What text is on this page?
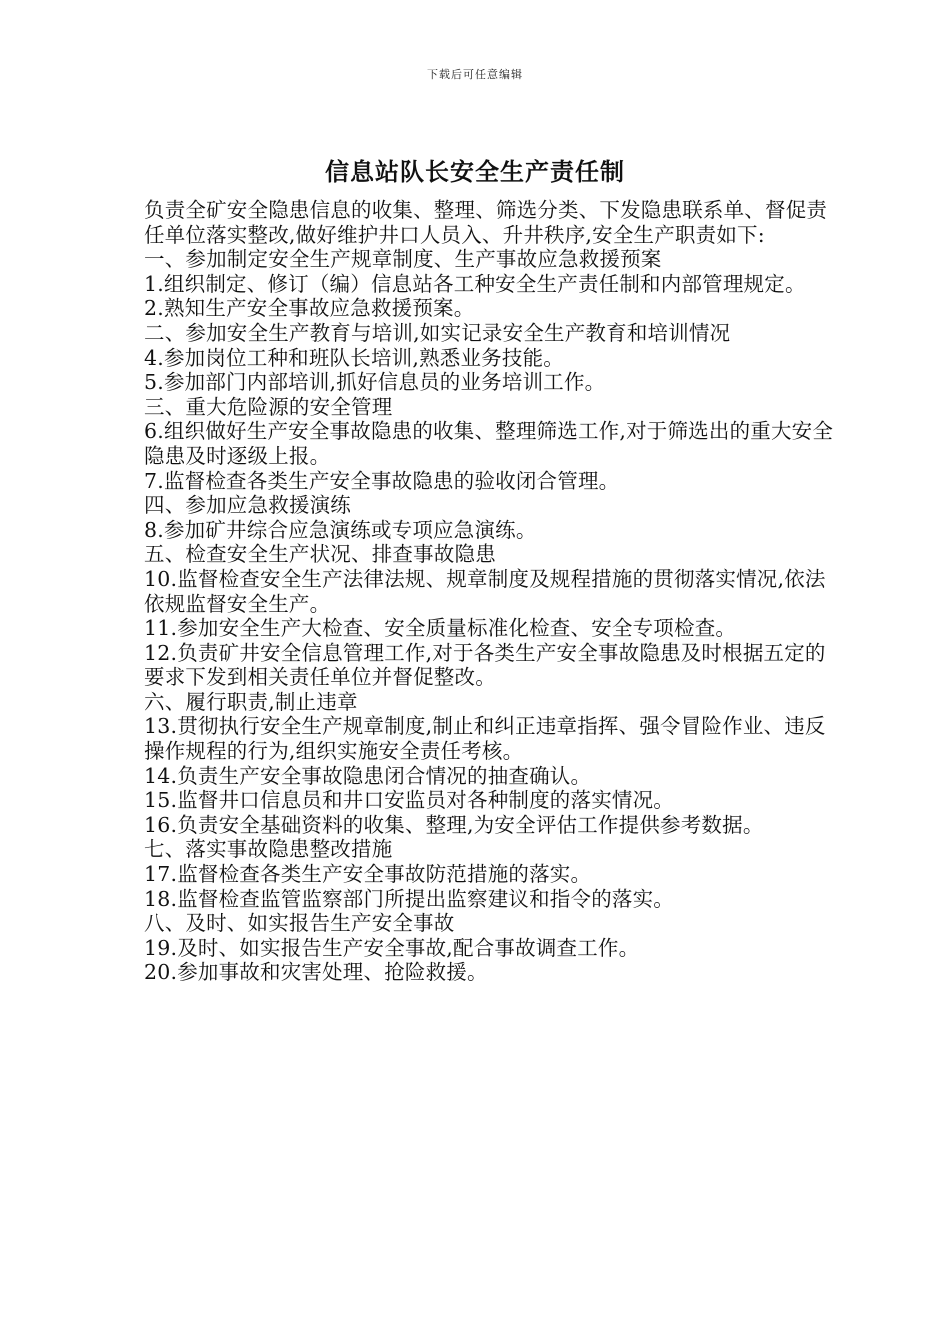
下载后可任意编辑
信息站队长安全生产责任制

负责全矿安全隐患信息的收集、整理、筛选分类、下发隐患联系单、督促责任单位落实整改,做好维护井口人员入、升井秩序,安全生产职责如下:

一、参加制定安全生产规章制度、生产事故应急救援预案

1.组织制定、修订（编）信息站各工种安全生产责任制和内部管理规定。

2.熟知生产安全事故应急救援预案。

二、参加安全生产教育与培训,如实记录安全生产教育和培训情况

4.参加岗位工种和班队长培训,熟悉业务技能。

5.参加部门内部培训,抓好信息员的业务培训工作。

三、重大危险源的安全管理

6.组织做好生产安全事故隐患的收集、整理筛选工作,对于筛选出的重大安全隐患及时逐级上报。

7.监督检查各类生产安全事故隐患的验收闭合管理。

四、参加应急救援演练

8.参加矿井综合应急演练或专项应急演练。

五、检查安全生产状况、排查事故隐患

10.监督检查安全生产法律法规、规章制度及规程措施的贯彻落实情况,依法依规监督安全生产。

11.参加安全生产大检查、安全质量标准化检查、安全专项检查。

12.负责矿井安全信息管理工作,对于各类生产安全事故隐患及时根据五定的要求下发到相关责任单位并督促整改。

六、履行职责,制止违章

13.贯彻执行安全生产规章制度,制止和纠正违章指挥、强令冒险作业、违反操作规程的行为,组织实施安全责任考核。

14.负责生产安全事故隐患闭合情况的抽查确认。

15.监督井口信息员和井口安监员对各种制度的落实情况。

16.负责安全基础资料的收集、整理,为安全评估工作提供参考数据。

七、落实事故隐患整改措施

17.监督检查各类生产安全事故防范措施的落实。

18.监督检查监管监察部门所提出监察建议和指令的落实。

八、及时、如实报告生产安全事故

19.及时、如实报告生产安全事故,配合事故调查工作。

20.参加事故和灾害处理、抢险救援。
